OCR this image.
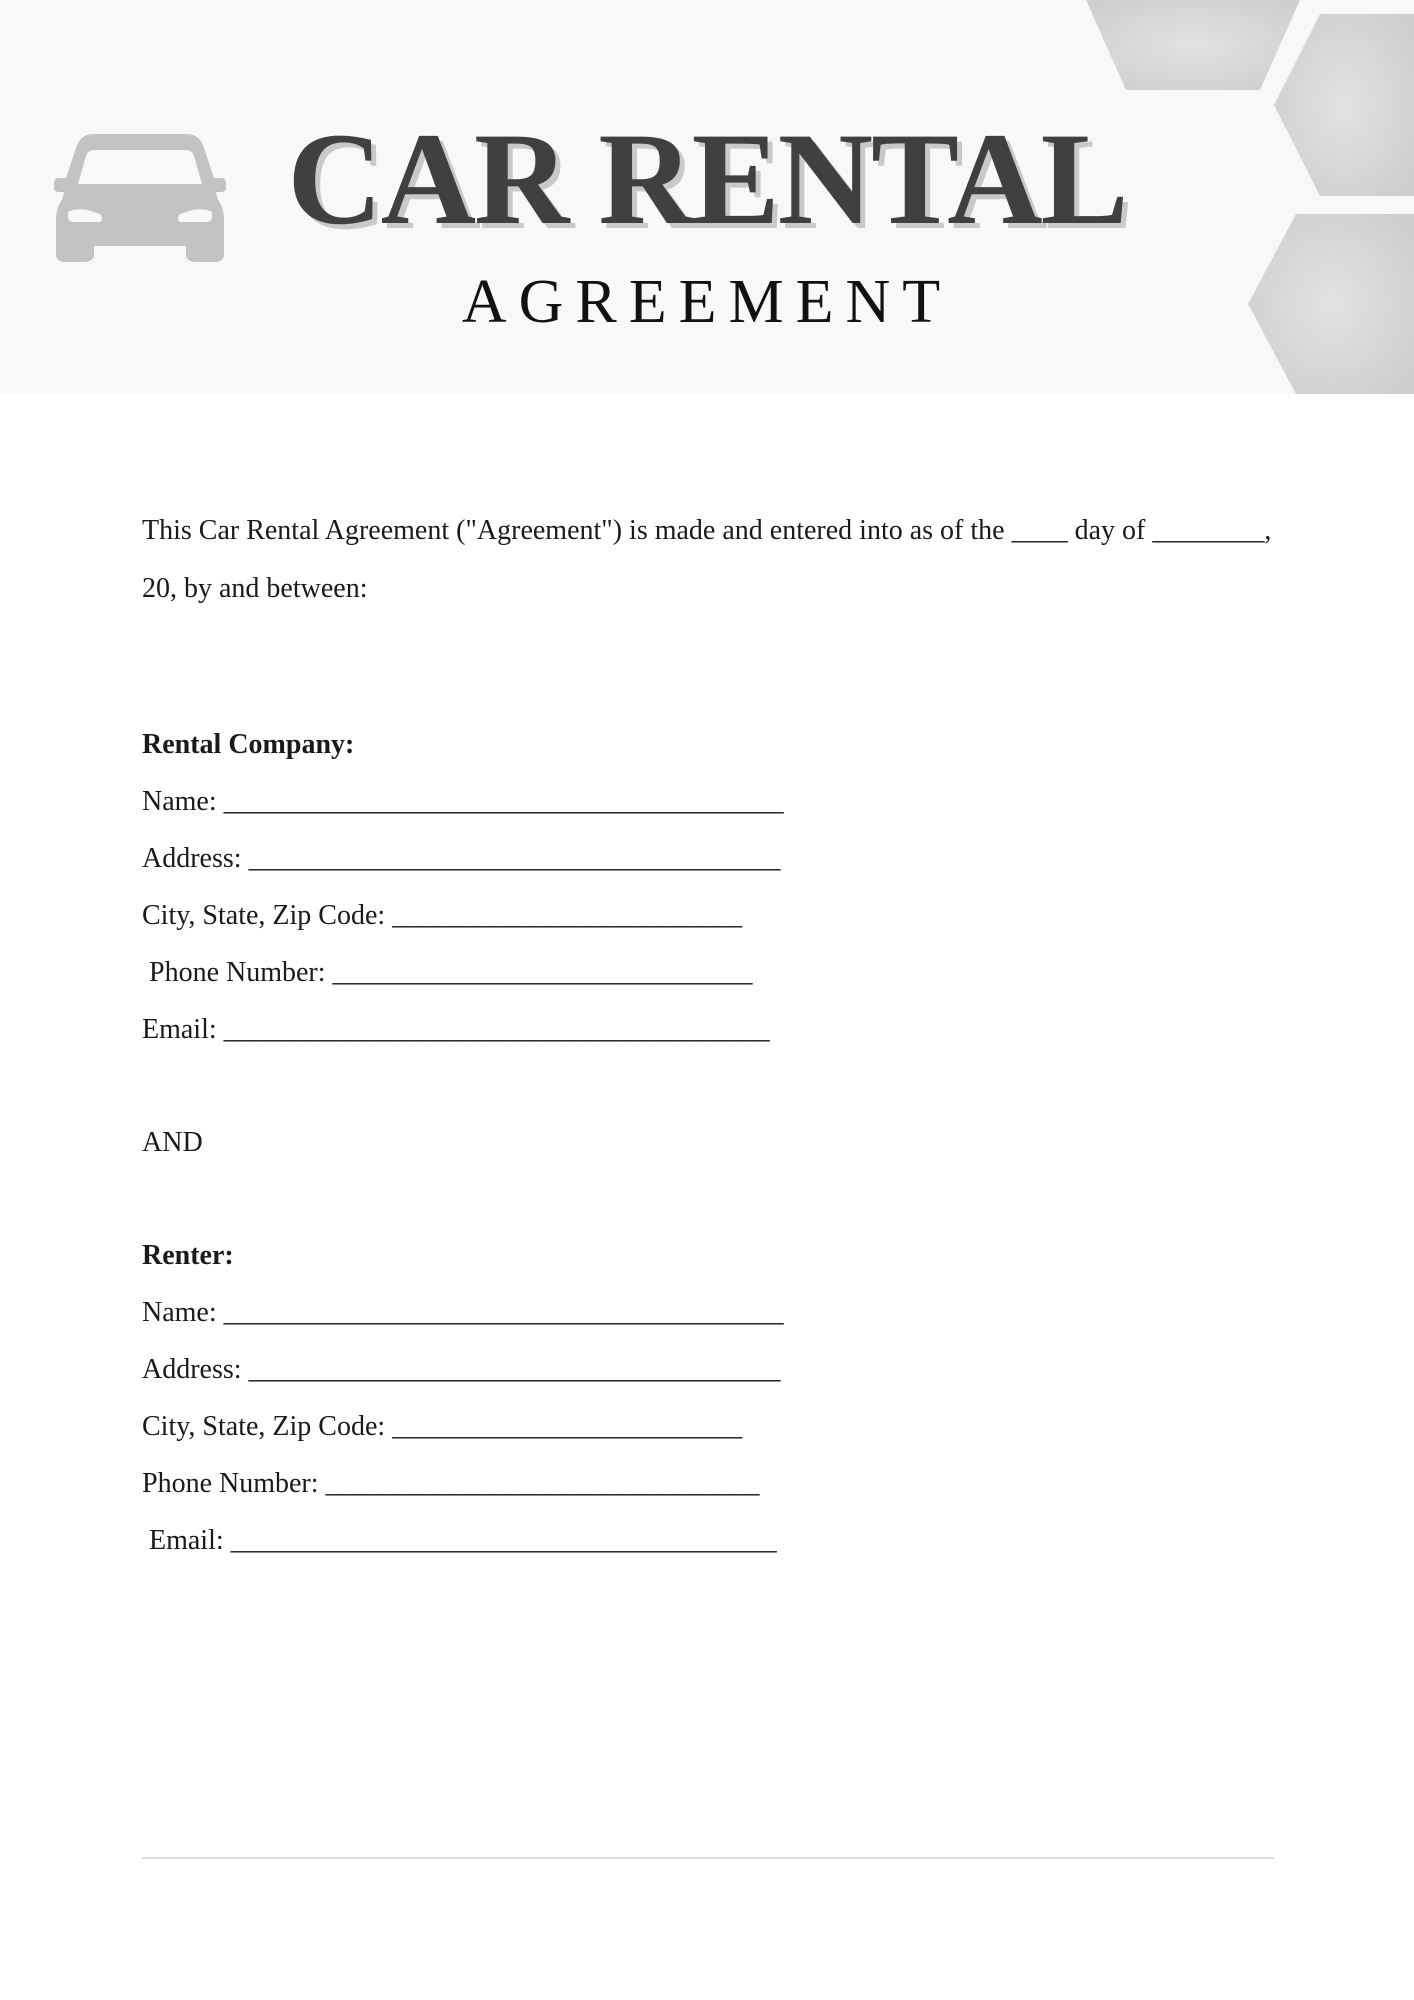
CAR RENTAL
AGREEMENT

This Car Rental Agreement ("Agreement") is made and entered into as of the ____ day of ________, 20, by and between:

Rental Company:

Name: ________________________________________

Address: ______________________________________

City, State, Zip Code: _________________________

Phone Number: ______________________________

Email: _______________________________________

AND

Renter:

Name: ________________________________________

Address: ______________________________________

City, State, Zip Code: _________________________

Phone Number: _______________________________

Email: _______________________________________
